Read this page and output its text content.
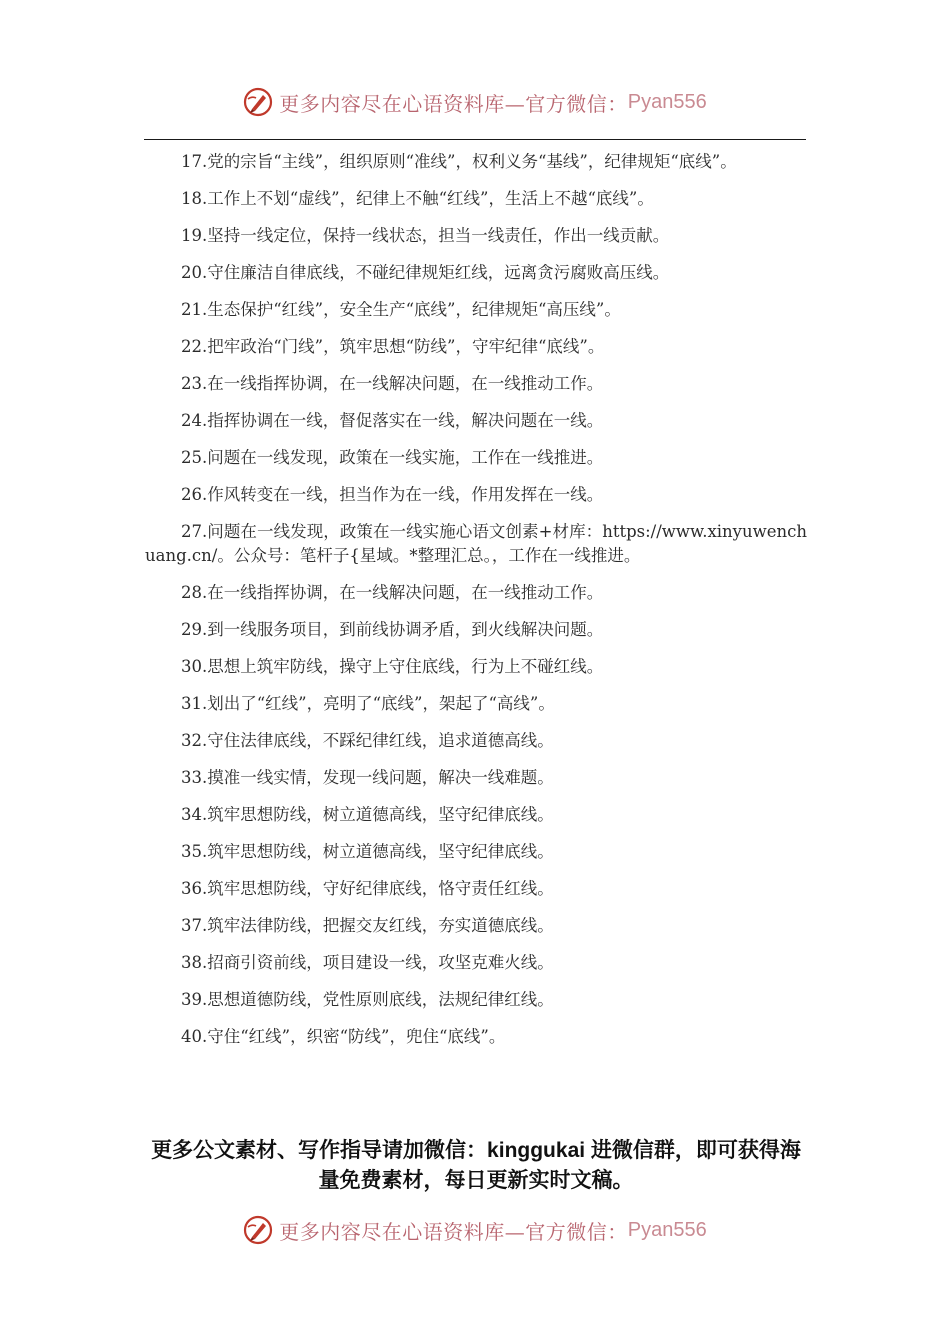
更多内容尽在心语资料库—官方微信： Pyan556

17.党的宗旨“主线”，组织原则“准线”，权利义务“基线”，纪律规矩“底线”。

18.工作上不划“虚线”，纪律上不触“红线”，生活上不越“底线”。

19.坚持一线定位，保持一线状态，担当一线责任，作出一线贡献。

20.守住廉洁自律底线，不碰纪律规矩红线，远离贪污腐败高压线。

21.生态保护“红线”，安全生产“底线”，纪律规矩“高压线”。

22.把牢政治“门线”，筑牢思想“防线”，守牢纪律“底线”。

23.在一线指挥协调，在一线解决问题，在一线推动工作。

24.指挥协调在一线，督促落实在一线，解决问题在一线。

25.问题在一线发现，政策在一线实施，工作在一线推进。

26.作风转变在一线，担当作为在一线，作用发挥在一线。

27.问题在一线发现，政策在一线实施心语文创素+材库：https://www.xinyuwenchuang.cn/。公众号：笔杆子{星域。*整理汇总。，工作在一线推进。

28.在一线指挥协调，在一线解决问题，在一线推动工作。

29.到一线服务项目，到前线协调矛盾，到火线解决问题。

30.思想上筑牢防线，操守上守住底线，行为上不碰红线。

31.划出了“红线”，亮明了“底线”，架起了“高线”。

32.守住法律底线，不踩纪律红线，追求道德高线。

33.摸准一线实情，发现一线问题，解决一线难题。

34.筑牢思想防线，树立道德高线，坚守纪律底线。

35.筑牢思想防线，树立道德高线，坚守纪律底线。

36.筑牢思想防线，守好纪律底线，恪守责任红线。

37.筑牢法律防线，把握交友红线，夯实道德底线。

38.招商引资前线，项目建设一线，攻坚克难火线。

39.思想道德防线，党性原则底线，法规纪律红线。

40.守住“红线”，织密“防线”，兜住“底线”。

更多公文素材、写作指导请加微信：kinggukai 进微信群，即可获得海量免费素材，每日更新实时文稿。
更多内容尽在心语资料库—官方微信： Pyan556
